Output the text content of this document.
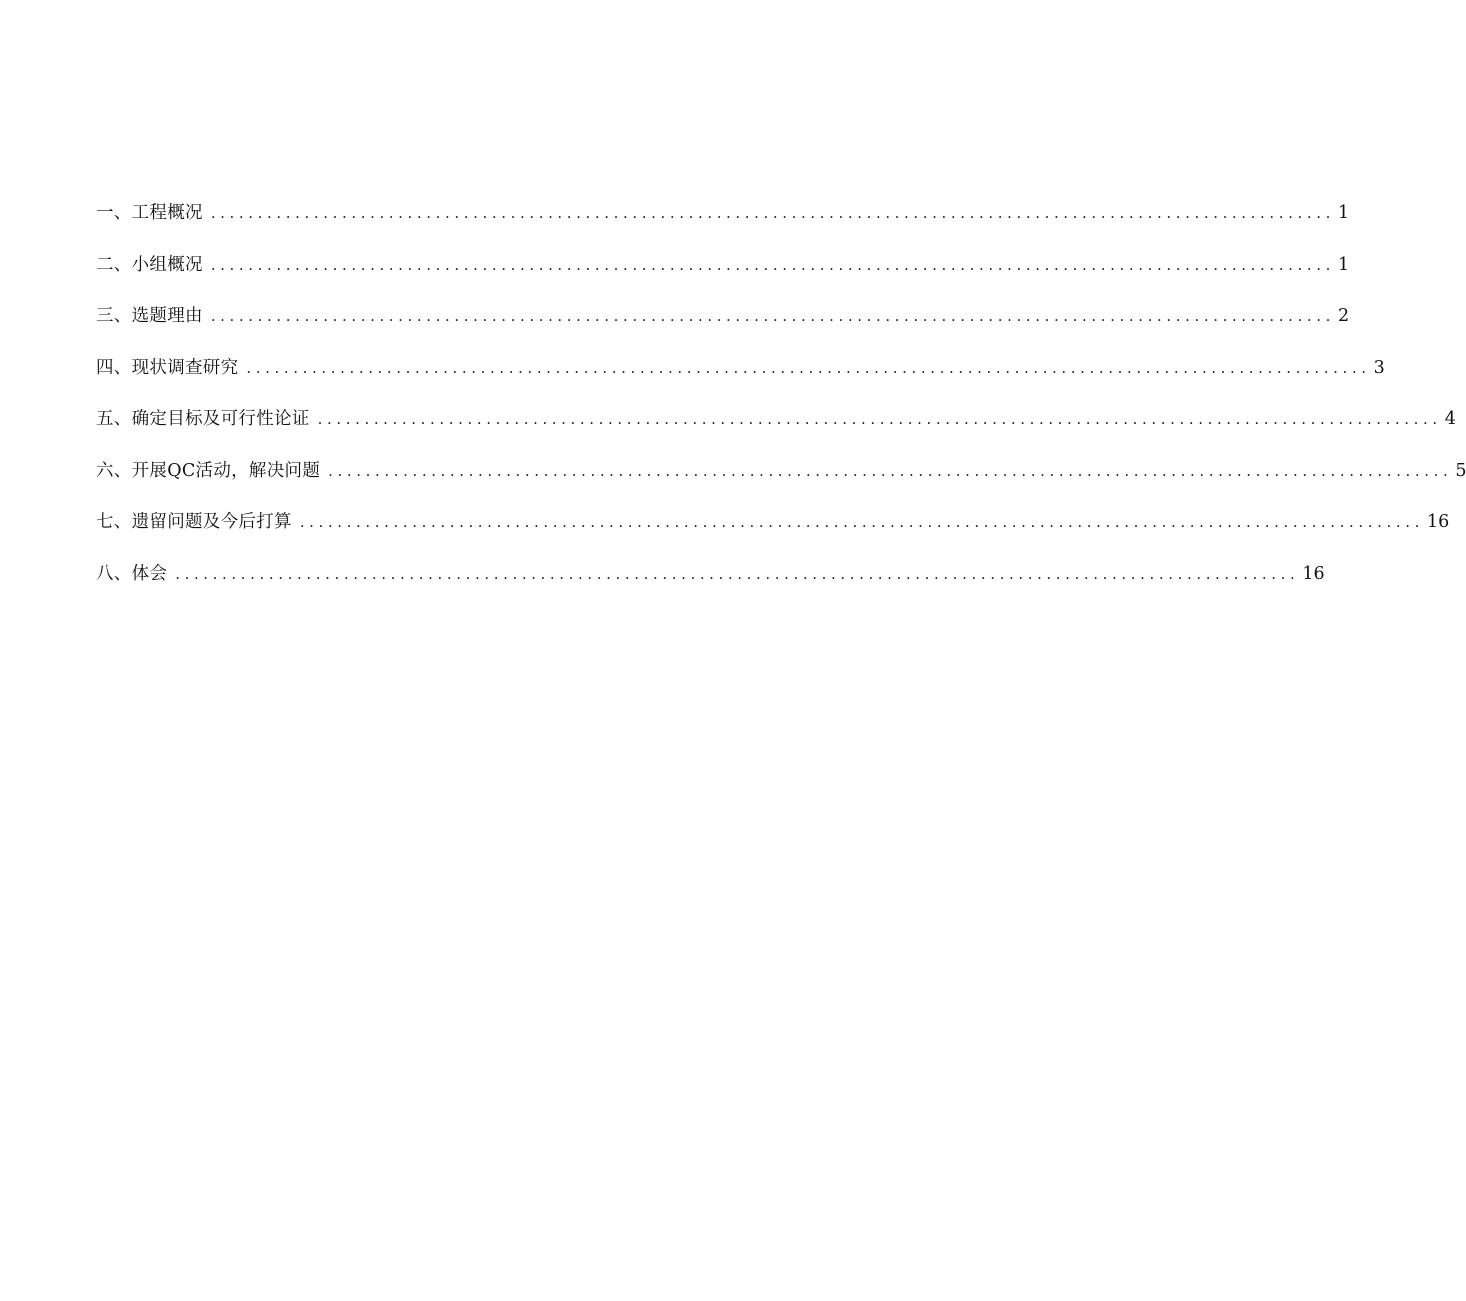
一、工程概况 ........................................................................................................................ 1
二、小组概况 ........................................................................................................................ 1
三、选题理由 ........................................................................................................................ 2
四、现状调查研究 ........................................................................................................................ 3
五、确定目标及可行性论证 ........................................................................................................................ 4
六、开展QC活动，解决问题 ........................................................................................................................ 5
七、遗留问题及今后打算 ........................................................................................................................ 16
八、体会 ........................................................................................................................ 16
